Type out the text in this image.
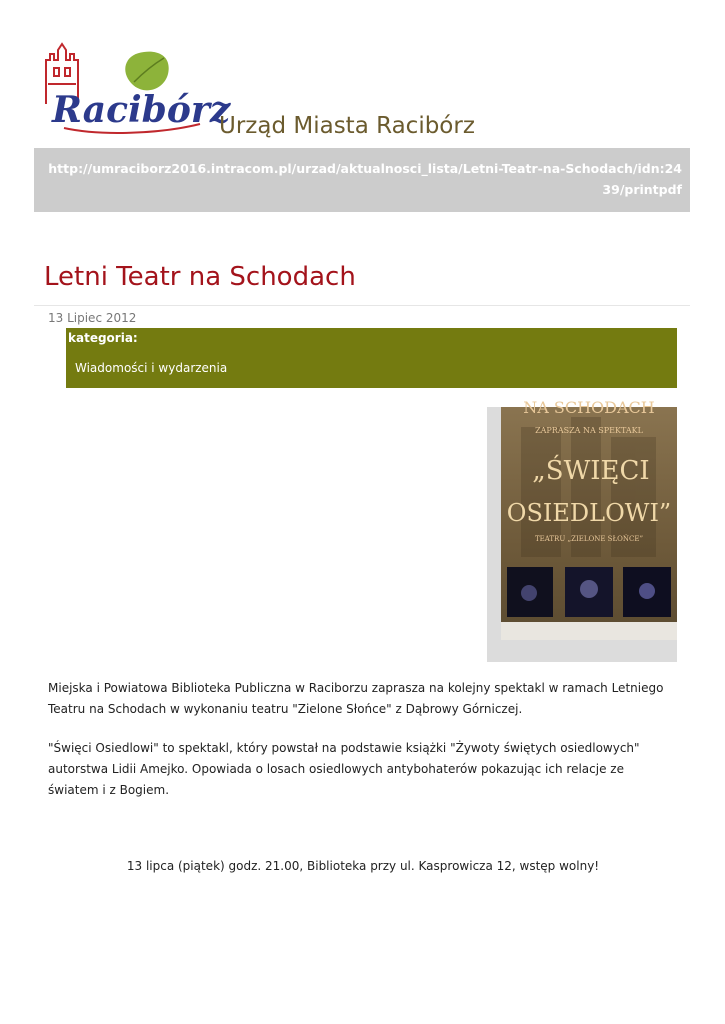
Racibórz
Urząd Miasta Racibórz
http://umraciborz2016.intracom.pl/urzad/aktualnosci_lista/Letni-Teatr-na-Schodach/idn:2439/printpdf
Letni Teatr na Schodach
13 Lipiec 2012
kategoria:
Wiadomości i wydarzenia
NA SCHODACH
ZAPRASZA NA SPEKTAKL
„ŚWIĘCI
OSIEDLOWI”
TEATRU „ZIELONE SŁOŃCE”

Miejska i Powiatowa Biblioteka Publiczna w Raciborzu zaprasza na kolejny spektakl w ramach Letniego Teatru na Schodach w wykonaniu teatru "Zielone Słońce" z Dąbrowy Górniczej.

"Święci Osiedlowi" to spektakl, który powstał na podstawie książki "Żywoty świętych osiedlowych" autorstwa Lidii Amejko. Opowiada o losach osiedlowych antybohaterów pokazując ich relacje ze światem i z Bogiem.

13 lipca (piątek) godz. 21.00, Biblioteka przy ul. Kasprowicza 12, wstęp wolny!
